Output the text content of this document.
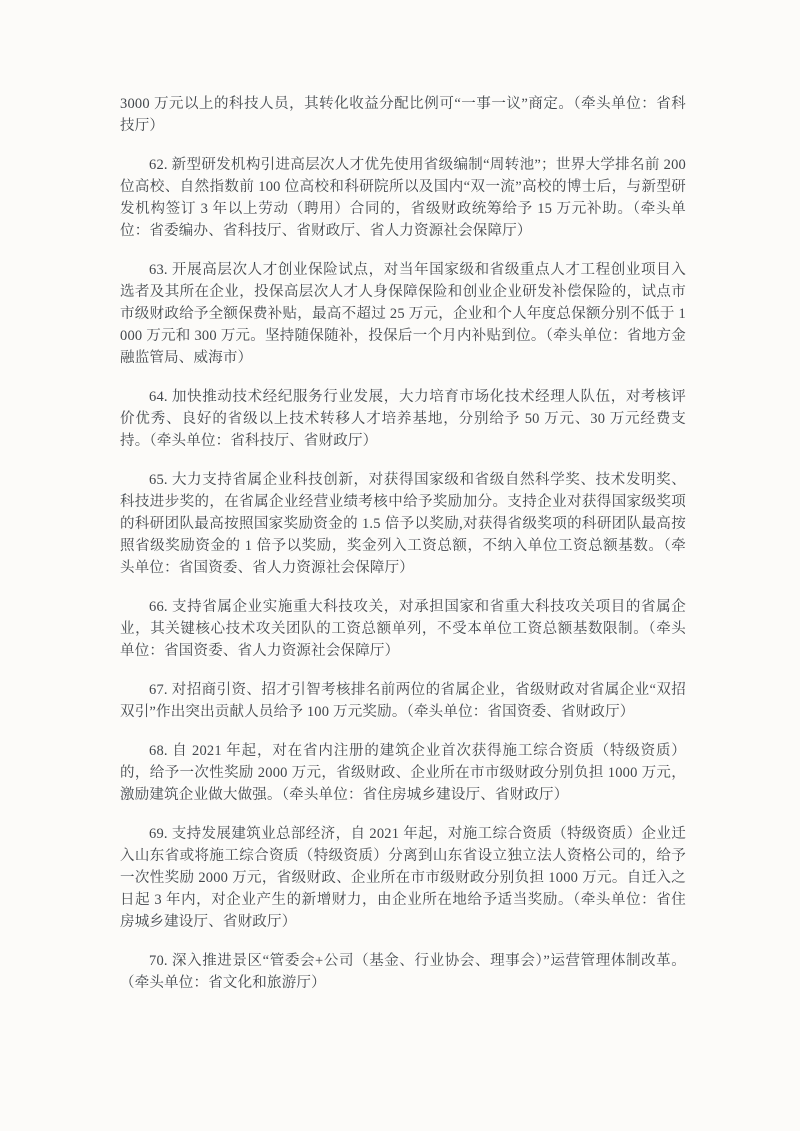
3000 万元以上的科技人员，其转化收益分配比例可“一事一议”商定。（牵头单位：省科技厅）

62. 新型研发机构引进高层次人才优先使用省级编制“周转池”；世界大学排名前 200 位高校、自然指数前 100 位高校和科研院所以及国内“双一流”高校的博士后，与新型研发机构签订 3 年以上劳动（聘用）合同的，省级财政统筹给予 15 万元补助。（牵头单位：省委编办、省科技厅、省财政厅、省人力资源社会保障厅）

63. 开展高层次人才创业保险试点，对当年国家级和省级重点人才工程创业项目入选者及其所在企业，投保高层次人才人身保障保险和创业企业研发补偿保险的，试点市市级财政给予全额保费补贴，最高不超过 25 万元，企业和个人年度总保额分别不低于 1000 万元和 300 万元。坚持随保随补，投保后一个月内补贴到位。（牵头单位：省地方金融监管局、威海市）

64. 加快推动技术经纪服务行业发展，大力培育市场化技术经理人队伍，对考核评价优秀、良好的省级以上技术转移人才培养基地，分别给予 50 万元、30 万元经费支持。（牵头单位：省科技厅、省财政厅）

65. 大力支持省属企业科技创新，对获得国家级和省级自然科学奖、技术发明奖、科技进步奖的，在省属企业经营业绩考核中给予奖励加分。支持企业对获得国家级奖项的科研团队最高按照国家奖励资金的 1.5 倍予以奖励,对获得省级奖项的科研团队最高按照省级奖励资金的 1 倍予以奖励，奖金列入工资总额，不纳入单位工资总额基数。（牵头单位：省国资委、省人力资源社会保障厅）

66. 支持省属企业实施重大科技攻关，对承担国家和省重大科技攻关项目的省属企业，其关键核心技术攻关团队的工资总额单列，不受本单位工资总额基数限制。（牵头单位：省国资委、省人力资源社会保障厅）

67. 对招商引资、招才引智考核排名前两位的省属企业，省级财政对省属企业“双招双引”作出突出贡献人员给予 100 万元奖励。（牵头单位：省国资委、省财政厅）

68. 自 2021 年起，对在省内注册的建筑企业首次获得施工综合资质（特级资质）的，给予一次性奖励 2000 万元，省级财政、企业所在市市级财政分别负担 1000 万元，激励建筑企业做大做强。（牵头单位：省住房城乡建设厅、省财政厅）

69. 支持发展建筑业总部经济，自 2021 年起，对施工综合资质（特级资质）企业迁入山东省或将施工综合资质（特级资质）分离到山东省设立独立法人资格公司的，给予一次性奖励 2000 万元，省级财政、企业所在市市级财政分别负担 1000 万元。自迁入之日起 3 年内，对企业产生的新增财力，由企业所在地给予适当奖励。（牵头单位：省住房城乡建设厅、省财政厅）

70. 深入推进景区“管委会+公司（基金、行业协会、理事会）”运营管理体制改革。（牵头单位：省文化和旅游厅）
